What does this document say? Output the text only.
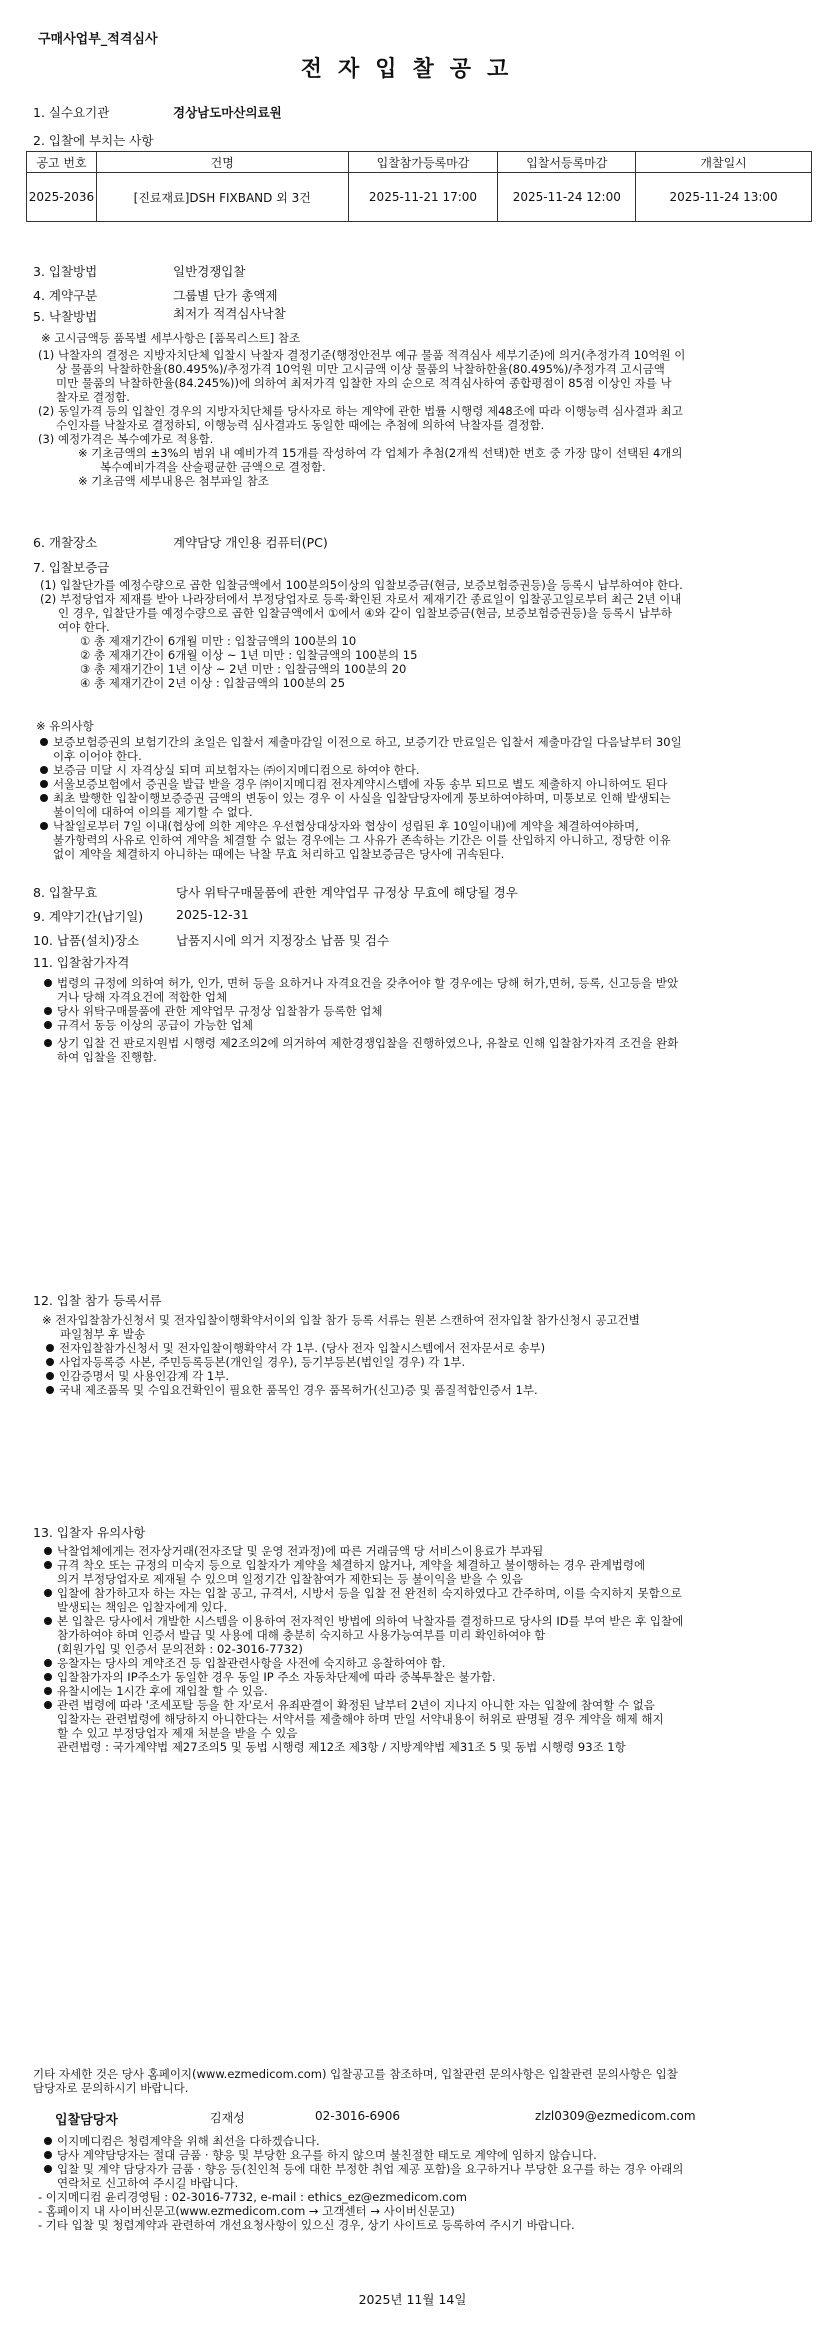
구매사업부_적격심사
전자입찰공고
1. 실수요기관	경상남도마산의료원
2. 입찰에 부치는 사항
공고 번호	건명	입찰참가등록마감	입찰서등록마감	개찰일시
2025-2036	[진료재료]DSH FIXBAND 외 3건	2025-11-21 17:00	2025-11-24 12:00	2025-11-24 13:00
3. 입찰방법	일반경쟁입찰
4. 계약구분	그룹별 단가 총액제
5. 낙찰방법	최저가 적격심사낙찰

※ 고시금액등 품목별 세부사항은 [품목리스트] 참조

(1) 낙찰자의 결정은 지방자치단체 입찰시 낙찰자 결정기준(행정안전부 예규 물품 적격심사 세부기준)에 의거(추정가격 10억원 이

상 물품의 낙찰하한율(80.495%)/추정가격 10억원 미만 고시금액 이상 물품의 낙찰하한율(80.495%)/추정가격 고시금액

미만 물품의 낙찰하한율(84.245%))에 의하여 최저가격 입찰한 자의 순으로 적격심사하여 종합평점이 85점 이상인 자를 낙

찰자로 결정함.

(2) 동일가격 등의 입찰인 경우의 지방자치단체를 당사자로 하는 계약에 관한 법률 시행령 제48조에 따라 이행능력 심사결과 최고

수인자를 낙찰자로 결정하되, 이행능력 심사결과도 동일한 때에는 추첨에 의하여 낙찰자를 결정함.

(3) 예정가격은 복수예가로 적용함.

※ 기초금액의 ±3%의 범위 내 예비가격 15개를 작성하여 각 업체가 추첨(2개씩 선택)한 번호 중 가장 많이 선택된 4개의

복수예비가격을 산술평균한 금액으로 결정함.

※ 기초금액 세부내용은 첨부파일 참조

6. 개찰장소	계약담당 개인용 컴퓨터(PC)
7. 입찰보증금

(1) 입찰단가를 예정수량으로 곱한 입찰금액에서 100분의5이상의 입찰보증금(현금, 보증보험증권등)을 등록시 납부하여야 한다.

(2) 부정당업자 제재를 받아 나라장터에서 부정당업자로 등록·확인된 자로서 제재기간 종료일이 입찰공고일로부터 최근 2년 이내

인 경우, 입찰단가를 예정수량으로 곱한 입찰금액에서 ①에서 ④와 같이 입찰보증금(현금, 보증보험증권등)을 등록시 납부하

여야 한다.

① 총 제재기간이 6개월 미만 : 입찰금액의 100분의 10

② 총 제재기간이 6개월 이상 ~ 1년 미만 : 입찰금액의 100분의 15

③ 총 제재기간이 1년 이상 ~ 2년 미만 : 입찰금액의 100분의 20

④ 총 제재기간이 2년 이상 : 입찰금액의 100분의 25

※ 유의사항

보증보험증권의 보험기간의 초일은 입찰서 제출마감일 이전으로 하고, 보증기간 만료일은 입찰서 제출마감일 다음날부터 30일

이후 이어야 한다.

보증금 미달 시 자격상실 되며 피보험자는 ㈜이지메디컴으로 하여야 한다.

서울보증보험에서 증권을 발급 받을 경우 ㈜이지메디컴 전자계약시스템에 자동 송부 되므로 별도 제출하지 아니하여도 된다

최초 발행한 입찰이행보증증권 금액의 변동이 있는 경우 이 사실을 입찰담당자에게 통보하여야하며, 미통보로 인해 발생되는

불이익에 대하여 이의를 제기할 수 없다.

낙찰일로부터 7일 이내(협상에 의한 계약은 우선협상대상자와 협상이 성립된 후 10일이내)에 계약을 체결하여야하며,

불가항력의 사유로 인하여 계약을 체결할 수 없는 경우에는 그 사유가 존속하는 기간은 이를 산입하지 아니하고, 정당한 이유

없이 계약을 체결하지 아니하는 때에는 낙찰 무효 처리하고 입찰보증금은 당사에 귀속된다.

8. 입찰무효	당사 위탁구매물품에 관한 계약업무 규정상 무효에 해당될 경우
9. 계약기간(납기일)	2025-12-31
10. 납품(설치)장소	납품지시에 의거 지정장소 납품 및 검수
11. 입찰참가자격

법령의 규정에 의하여 허가, 인가, 면허 등을 요하거나 자격요건을 갖추어야 할 경우에는 당해 허가,면허, 등록, 신고등을 받았

거나 당해 자격요건에 적합한 업체

당사 위탁구매물품에 관한 계약업무 규정상 입찰참가 등록한 업체

규격서 동등 이상의 공급이 가능한 업체

상기 입찰 건 판로지원법 시행령 제2조의2에 의거하여 제한경쟁입찰을 진행하였으나, 유찰로 인해 입찰참가자격 조건을 완화

하여 입찰을 진행함.

12. 입찰 참가 등록서류

※ 전자입찰참가신청서 및 전자입찰이행확약서이외 입찰 참가 등록 서류는 원본 스캔하여 전자입찰 참가신청시 공고건별

파일첨부 후 발송

전자입찰참가신청서 및 전자입찰이행확약서 각 1부. (당사 전자 입찰시스템에서 전자문서로 송부)

사업자등록증 사본, 주민등록등본(개인일 경우), 등기부등본(법인일 경우) 각 1부.

인감증명서 및 사용인감계 각 1부.

국내 제조품목 및 수입요건확인이 필요한 품목인 경우 품목허가(신고)증 및 품질적합인증서 1부.

13. 입찰자 유의사항

낙찰업체에게는 전자상거래(전자조달 및 운영 전과정)에 따른 거래금액 당 서비스이용료가 부과됨

규격 착오 또는 규정의 미숙지 등으로 입찰자가 계약을 체결하지 않거나, 계약을 체결하고 불이행하는 경우 관계법령에

의거 부정당업자로 제재될 수 있으며 일정기간 입찰참여가 제한되는 등 불이익을 받을 수 있음

입찰에 참가하고자 하는 자는 입찰 공고, 규격서, 시방서 등을 입찰 전 완전히 숙지하였다고 간주하며, 이를 숙지하지 못함으로

발생되는 책임은 입찰자에게 있다.

본 입찰은 당사에서 개발한 시스템을 이용하여 전자적인 방법에 의하여 낙찰자를 결정하므로 당사의 ID를 부여 받은 후 입찰에

참가하여야 하며 인증서 발급 및 사용에 대해 충분히 숙지하고 사용가능여부를 미리 확인하여야 함

(회원가입 및 인증서 문의전화 : 02-3016-7732)

응찰자는 당사의 계약조건 등 입찰관련사항을 사전에 숙지하고 응찰하여야 함.

입찰참가자의 IP주소가 동일한 경우 동일 IP 주소 자동차단제에 따라 중복투찰은 불가함.

유찰시에는 1시간 후에 재입찰 할 수 있음.

관련 법령에 따라 '조세포탈 등을 한 자'로서 유죄판결이 확정된 날부터 2년이 지나지 아니한 자는 입찰에 참여할 수 없음

입찰자는 관련법령에 해당하지 아니한다는 서약서를 제출해야 하며 만일 서약내용이 허위로 판명될 경우 계약을 해제 해지

할 수 있고 부정당업자 제재 처분을 받을 수 있음

관련법령 : 국가계약법 제27조의5 및 동법 시행령 제12조 제3항 / 지방계약법 제31조 5 및 동법 시행령 93조 1항

기타 자세한 것은 당사 홈페이지(www.ezmedicom.com) 입찰공고를 참조하며, 입찰관련 문의사항은 입찰관련 문의사항은 입찰

담당자로 문의하시기 바랍니다.

입찰담당자	김재성	02-3016-6906	zlzl0309@ezmedicom.com

이지메디컴은 청렴계약을 위해 최선을 다하겠습니다.

당사 계약담당자는 절대 금품 · 향응 및 부당한 요구를 하지 않으며 불친절한 태도로 계약에 임하지 않습니다.

입찰 및 계약 담당자가 금품 · 향응 등(친인척 등에 대한 부정한 취업 제공 포함)을 요구하거나 부당한 요구를 하는 경우 아래의

연락처로 신고하여 주시길 바랍니다.

- 이지메디컴 윤리경영팀 : 02-3016-7732, e-mail : ethics_ez@ezmedicom.com

- 홈페이지 내 사이버신문고(www.ezmedicom.com → 고객센터 → 사이버신문고)

- 기타 입찰 및 청렴계약과 관련하여 개선요청사항이 있으신 경우, 상기 사이트로 등록하여 주시기 바랍니다.

2025년 11월 14일
